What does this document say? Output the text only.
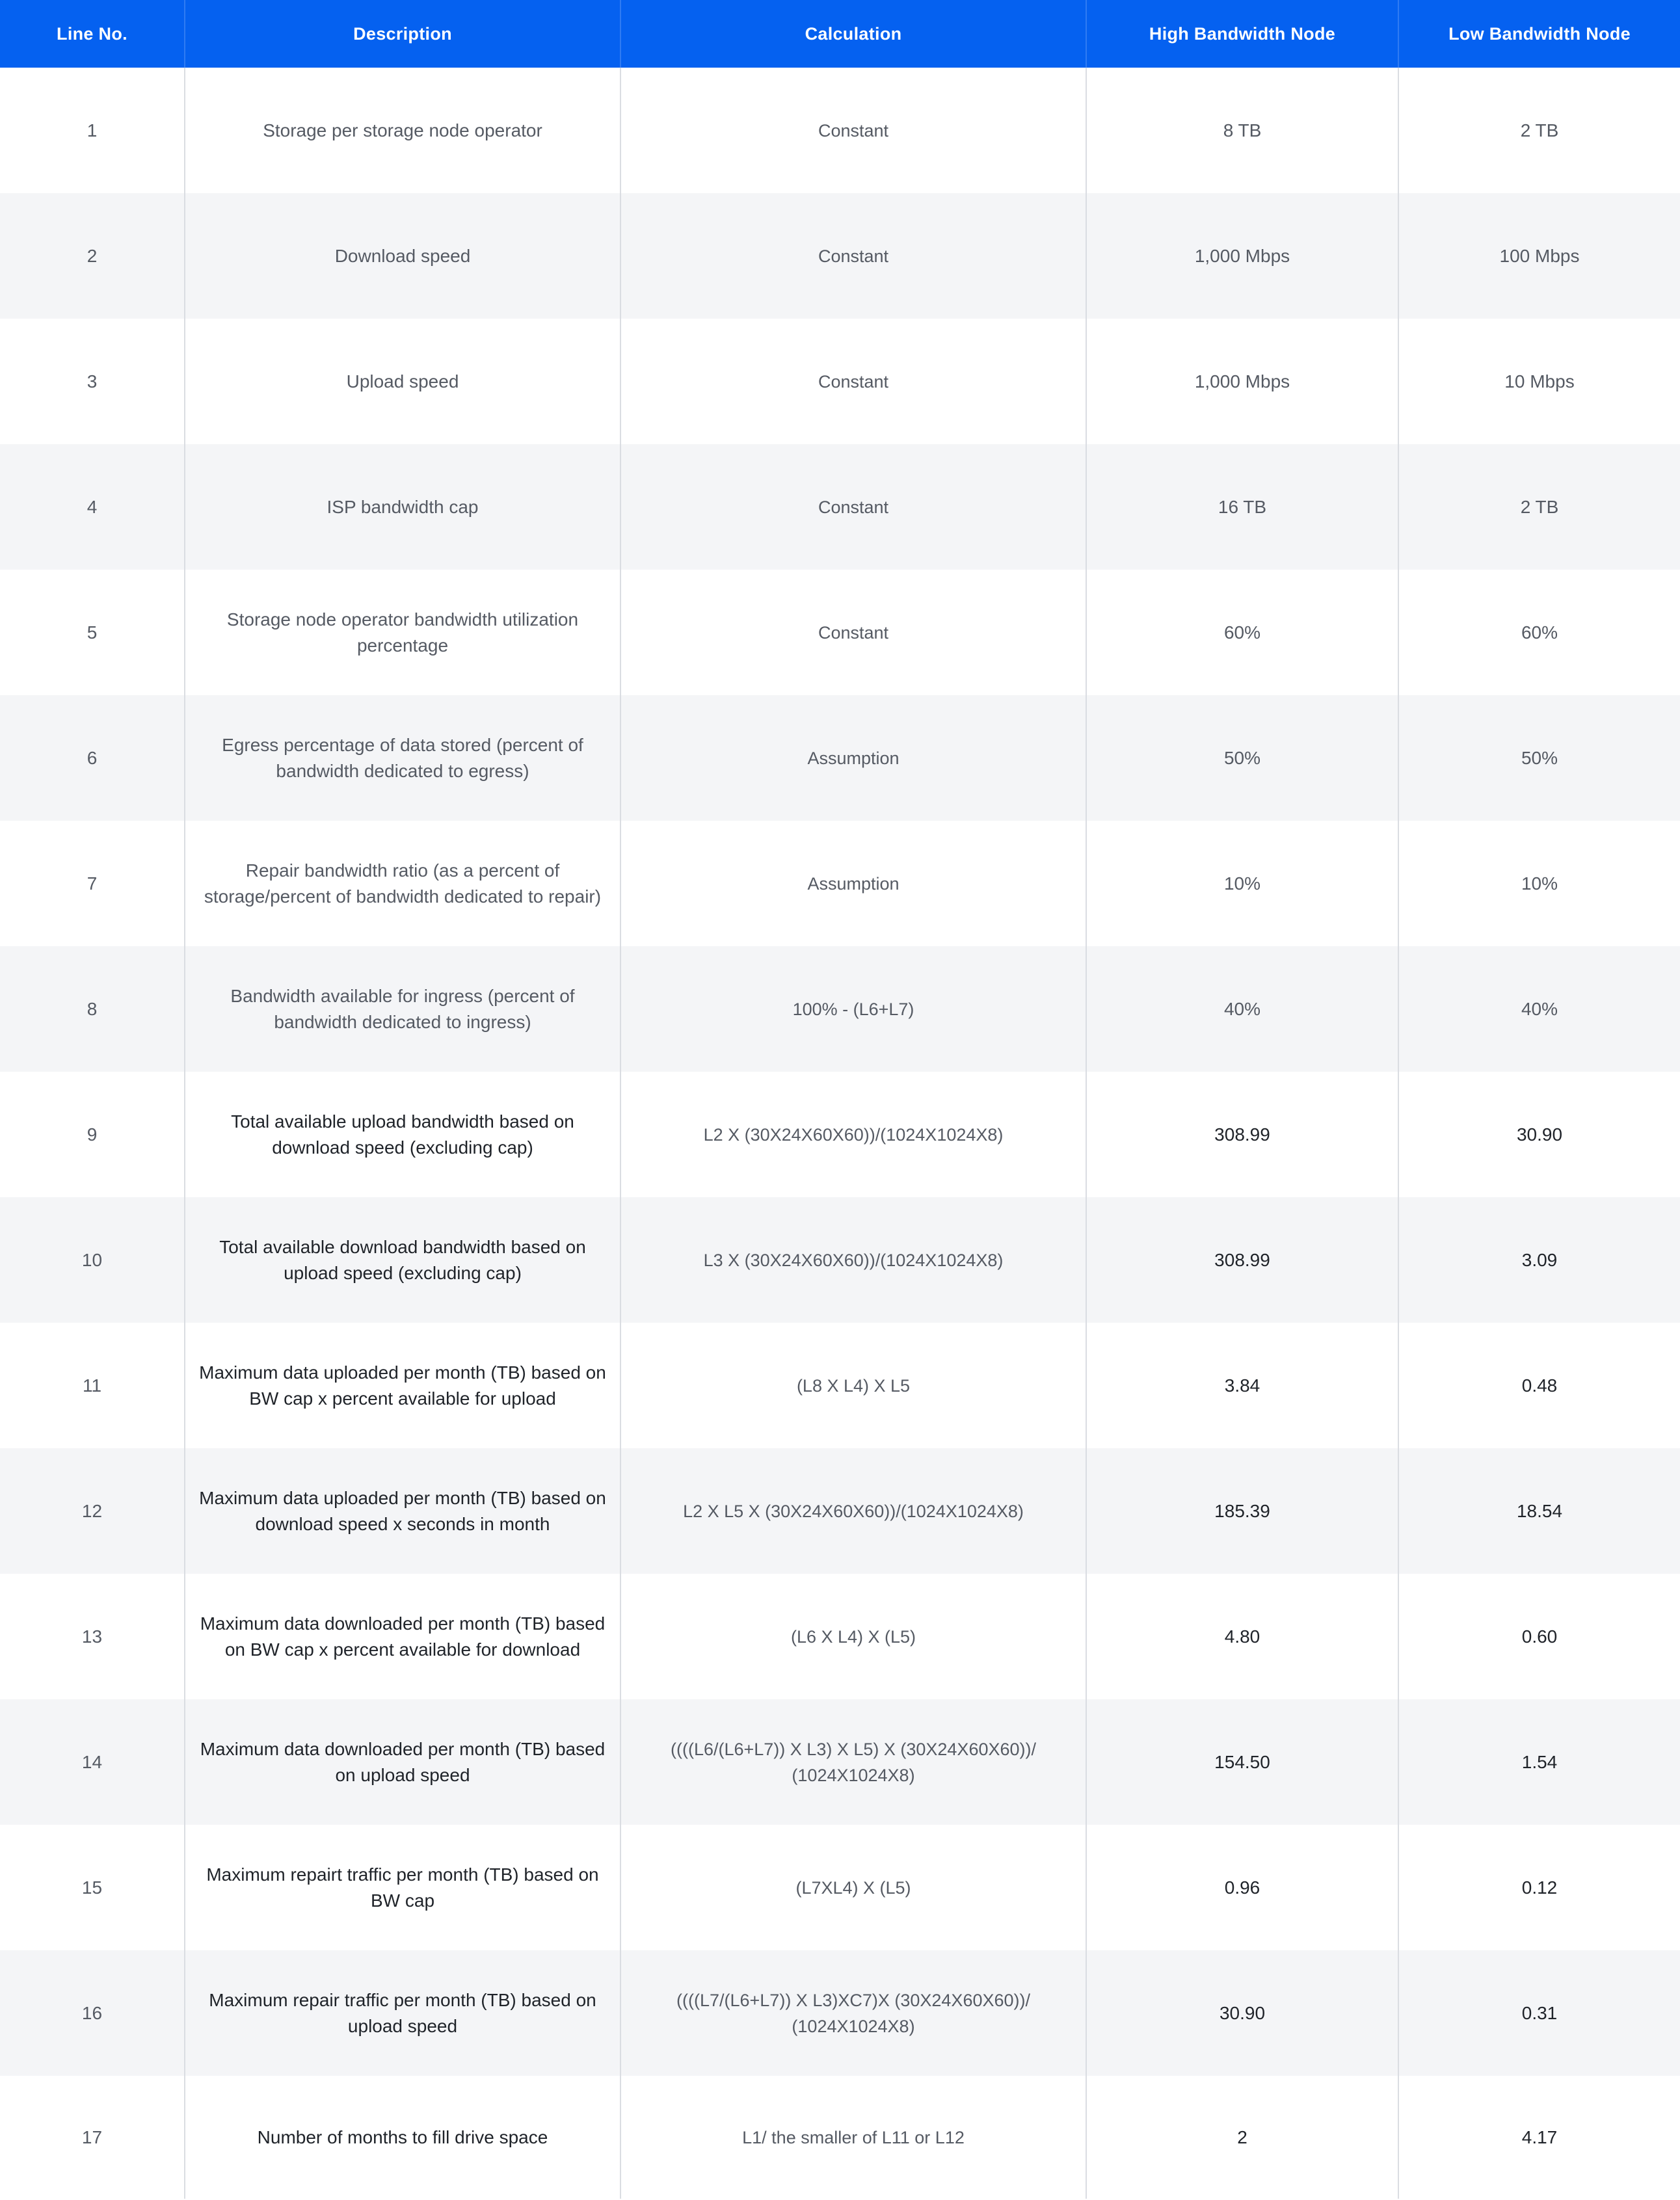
Line No.	Description	Calculation	High Bandwidth Node	Low Bandwidth Node
1	Storage per storage node operator	Constant	8 TB	2 TB
2	Download speed	Constant	1,000 Mbps	100 Mbps
3	Upload speed	Constant	1,000 Mbps	10 Mbps
4	ISP bandwidth cap	Constant	16 TB	2 TB
5	Storage node operator bandwidth utilization percentage	Constant	60%	60%
6	Egress percentage of data stored (percent of bandwidth dedicated to egress)	Assumption	50%	50%
7	Repair bandwidth ratio (as a percent of storage/percent of bandwidth dedicated to repair)	Assumption	10%	10%
8	Bandwidth available for ingress (percent of bandwidth dedicated to ingress)	100% - (L6+L7)	40%	40%
9	Total available upload bandwidth based on download speed (excluding cap)	L2 X (30X24X60X60))/(1024X1024X8)	308.99	30.90
10	Total available download bandwidth based on upload speed (excluding cap)	L3 X (30X24X60X60))/(1024X1024X8)	308.99	3.09
11	Maximum data uploaded per month (TB) based on BW cap x percent available for upload	(L8 X L4) X L5	3.84	0.48
12	Maximum data uploaded per month (TB) based on download speed x seconds in month	L2 X L5 X (30X24X60X60))/(1024X1024X8)	185.39	18.54
13	Maximum data downloaded per month (TB) based on BW cap x percent available for download	(L6 X L4) X (L5)	4.80	0.60
14	Maximum data downloaded per month (TB) based on upload speed	((((L6/(L6+L7)) X L3) X L5) X (30X24X60X60))/ (1024X1024X8)	154.50	1.54
15	Maximum repairt traffic per month (TB) based on BW cap	(L7XL4) X (L5)	0.96	0.12
16	Maximum repair traffic per month (TB) based on upload speed	((((L7/(L6+L7)) X L3)XC7)X (30X24X60X60))/ (1024X1024X8)	30.90	0.31
17	Number of months to fill drive space	L1/ the smaller of L11 or L12	2	4.17
